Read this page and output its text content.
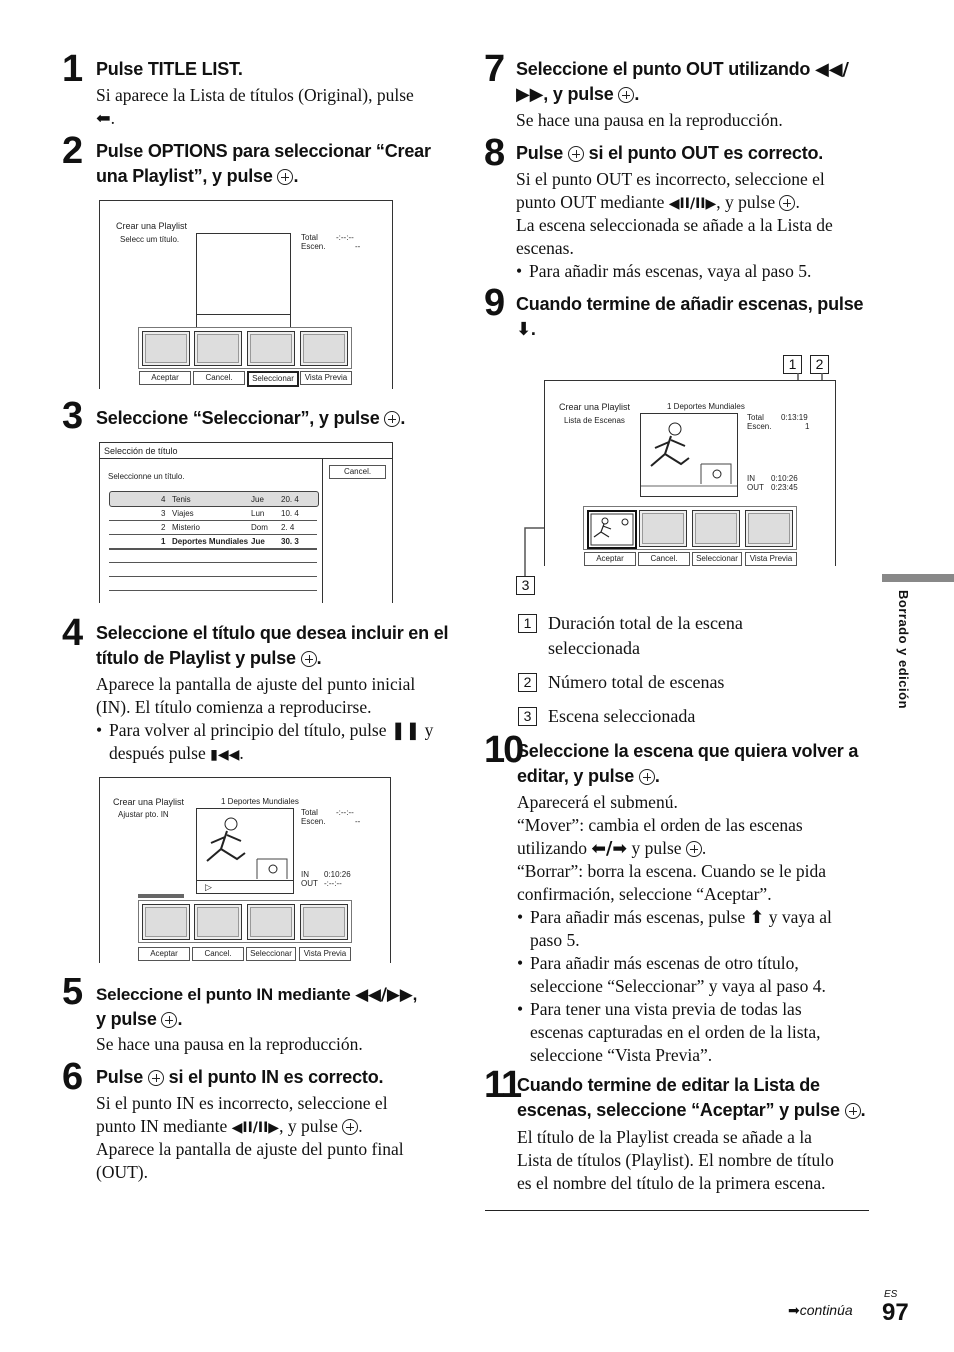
1 Pulse TITLE LIST.
Si aparece la Lista de títulos (Original), pulse
⬅.
2 Pulse OPTIONS para seleccionar “Crear
una Playlist”, y pulse .
Crear una Playlist
Selecc um título.	Total
Escen.
-:--:--
--
Aceptar	Cancel.	Seleccionar	Vista Previa
3 Seleccione “Seleccionar”, y pulse .
Selección de título
Cancel.
Seleccionne un título.
4 Tenis	Jue 20. 4
3 Viajes	Lun 10. 4
2 Misterio	Dom 2. 4
1 Deportes Mundiales Jue 30. 3
4 Seleccione el título que desea incluir en el
título de Playlist y pulse .
Aparece la pantalla de ajuste del punto inicial
(IN). El título comienza a reproducirse.
• Para volver al principio del título, pulse ❚❚ y
después pulse ▮◀◀.
Crear una Playlist	1 Deportes Mundiales
Ajustar pto. IN
▷
Total
Escen.
-:--:--
--
IN 0:10:26
OUT -:--:--
Aceptar	Cancel.	Seleccionar	Vista Previa
5 Seleccione el punto IN mediante ◀◀/▶▶,
y pulse .
Se hace una pausa en la reproducción.
6 Pulse si el punto IN es correcto.
Si el punto IN es incorrecto, seleccione el
punto IN mediante ◀II/II▶, y pulse .
Aparece la pantalla de ajuste del punto final
(OUT).
7 Seleccione el punto OUT utilizando ◀◀/
▶▶, y pulse .
Se hace una pausa en la reproducción.
8 Pulse si el punto OUT es correcto.
Si el punto OUT es incorrecto, seleccione el
punto OUT mediante ◀II/II▶, y pulse .
La escena seleccionada se añade a la Lista de
escenas.
• Para añadir más escenas, vaya al paso 5.
9 Cuando termine de añadir escenas, pulse
⬇.
1	2
3
Crear una Playlist	1 Deportes Mundiales
Lista de Escenas	Total
Escen.
0:13:19
1
IN 0:10:26
OUT 0:23:45
Aceptar	Cancel.	Seleccionar	Vista Previa
1 Duración total de la escena
seleccionada
2 Número total de escenas
3 Escena seleccionada
10
Seleccione la escena que quiera volver a
editar, y pulse .
Aparecerá el submenú.
“Mover”: cambia el orden de las escenas
utilizando ⬅/➡ y pulse .
“Borrar”: borra la escena. Cuando se le pida
confirmación, seleccione “Aceptar”.
• Para añadir más escenas, pulse ⬆ y vaya al
paso 5.
• Para añadir más escenas de otro título,
seleccione “Seleccionar” y vaya al paso 4.
• Para tener una vista previa de todas las
escenas capturadas en el orden de la lista,
seleccione “Vista Previa”.
11
Cuando termine de editar la Lista de
escenas, seleccione “Aceptar” y pulse .
El título de la Playlist creada se añade a la
Lista de títulos (Playlist). El nombre de título
es el nombre del título de la primera escena.
Borrado y edición
➡continúa
ES
97
